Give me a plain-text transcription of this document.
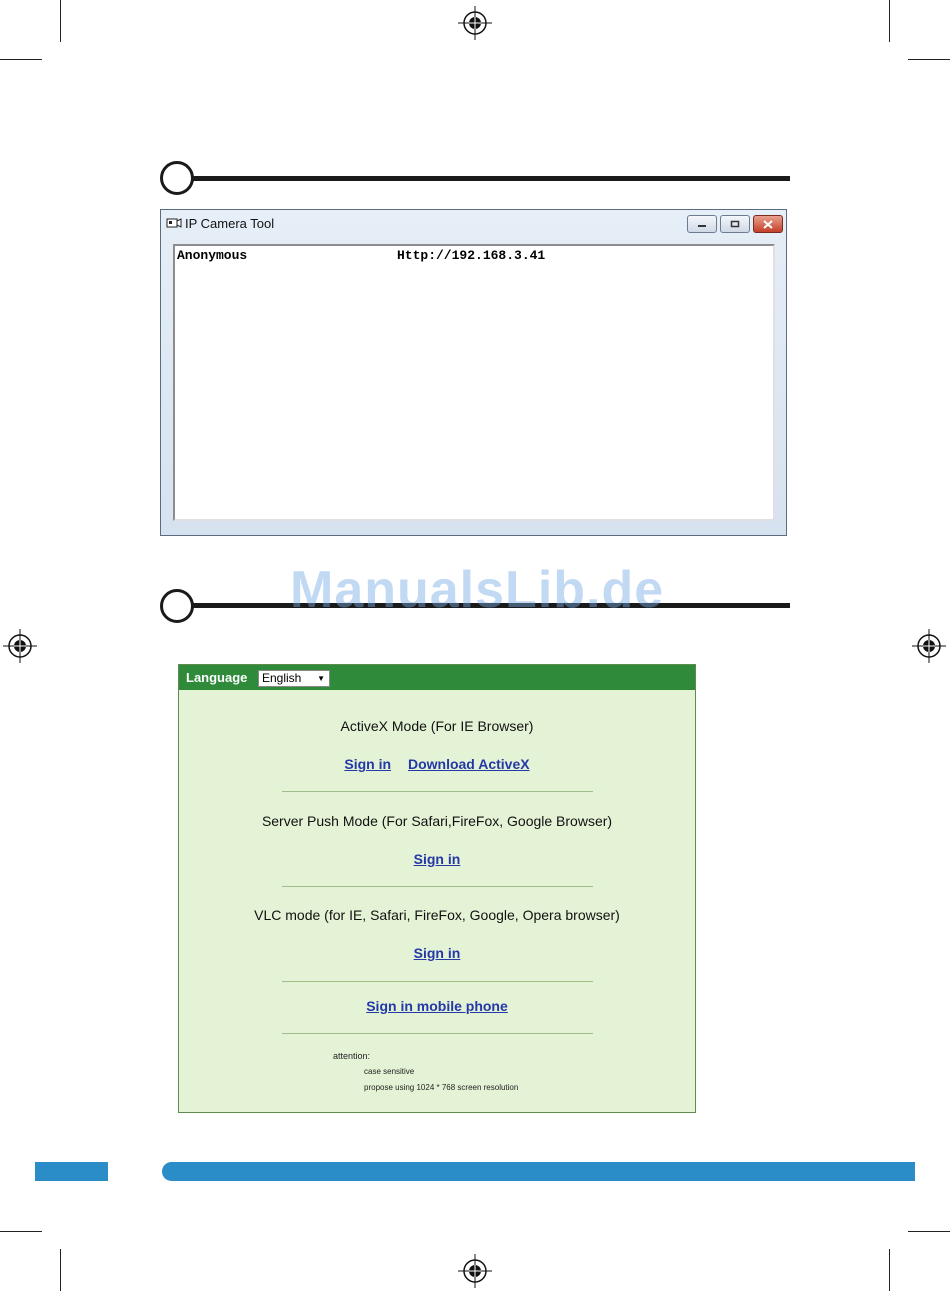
IP Camera Tool
Anonymous	Http://192.168.3.41
ManualsLib.de
Language	English ▼
ActiveX Mode (For IE Browser)
Sign in Download ActiveX
Server Push Mode (For Safari,FireFox, Google Browser)
Sign in
VLC mode (for IE, Safari, FireFox, Google, Opera browser)
Sign in
Sign in mobile phone
attention:
case sensitive
propose using 1024 * 768 screen resolution
